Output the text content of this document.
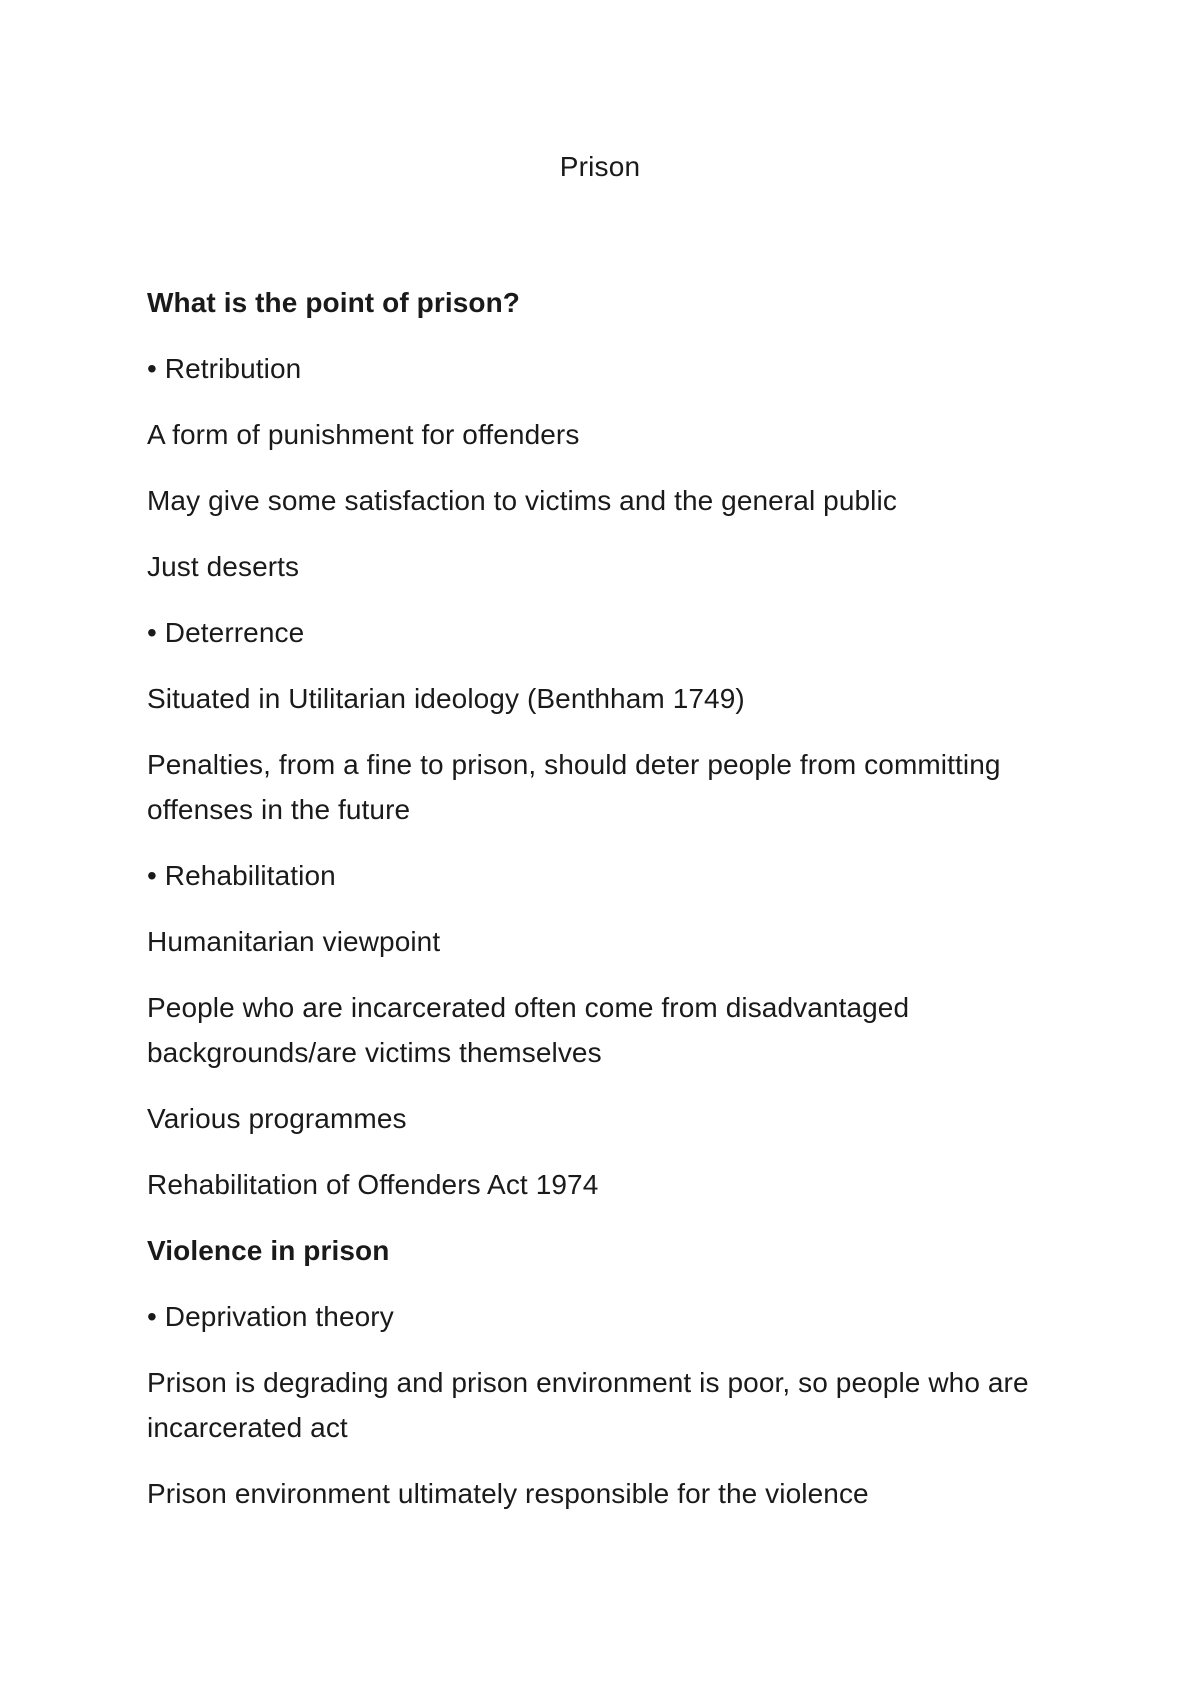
Prison
What is the point of prison?
• Retribution
A form of punishment for offenders
May give some satisfaction to victims and the general public
Just deserts
• Deterrence
Situated in Utilitarian ideology (Benthham 1749)
Penalties, from a fine to prison, should deter people from committing offenses in the future
• Rehabilitation
Humanitarian viewpoint
People who are incarcerated often come from disadvantaged backgrounds/are victims themselves
Various programmes
Rehabilitation of Offenders Act 1974
Violence in prison
• Deprivation theory
Prison is degrading and prison environment is poor, so people who are incarcerated act
Prison environment ultimately responsible for the violence
